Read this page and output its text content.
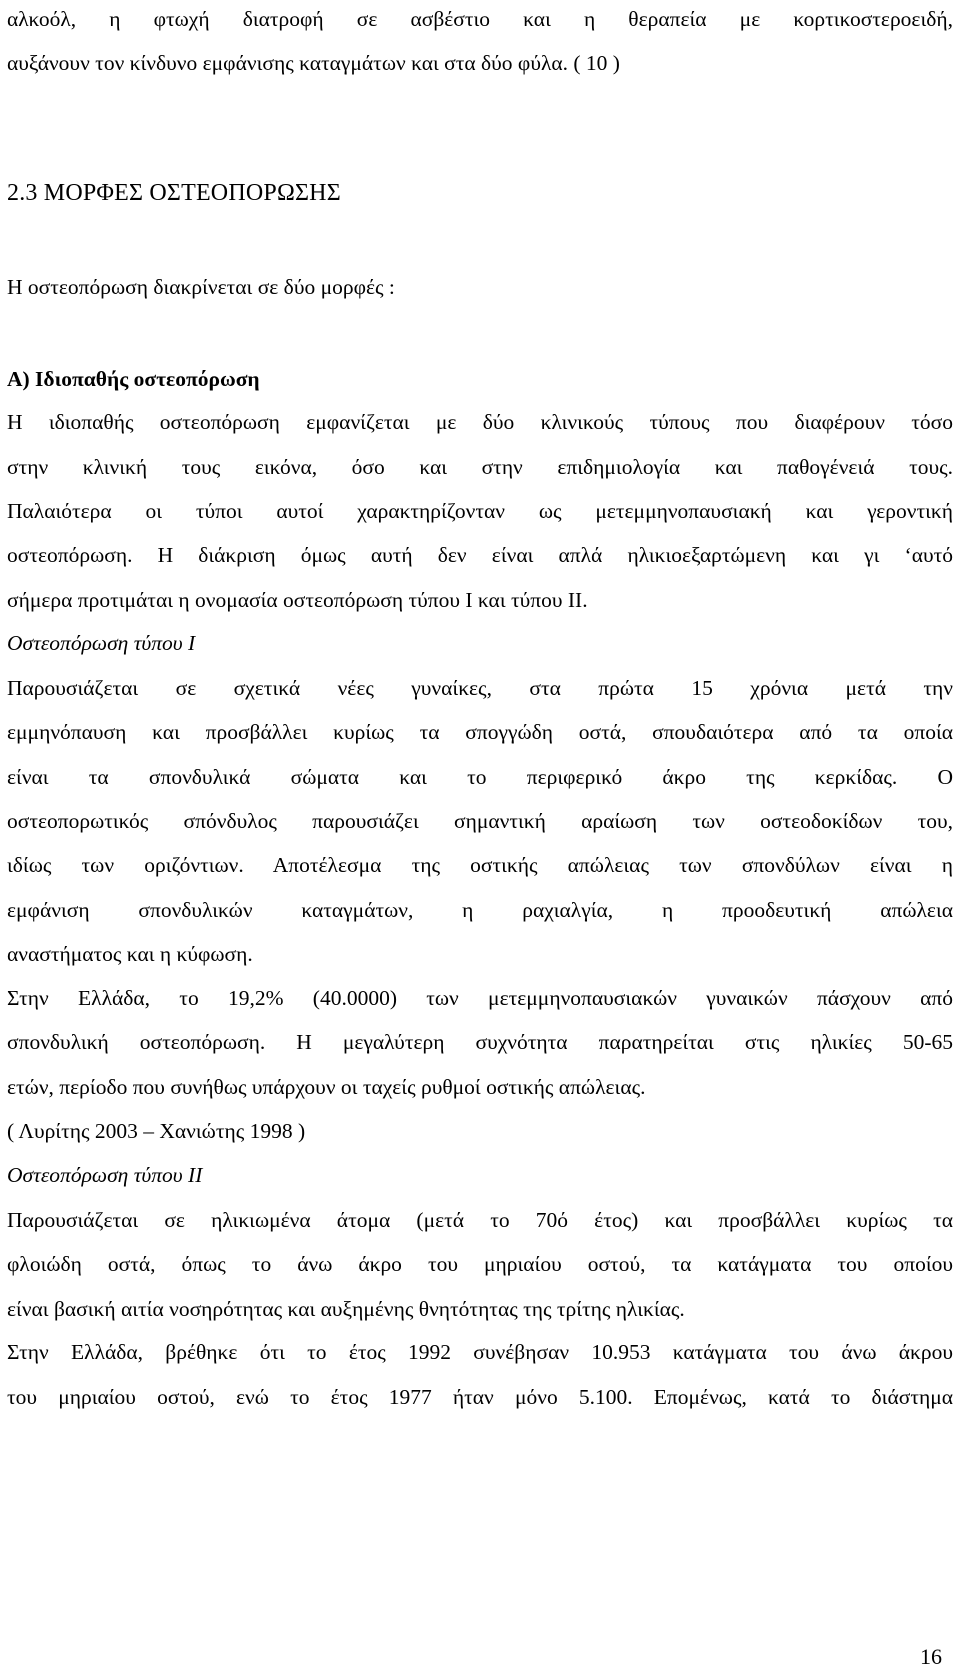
αλκοόλ, η φτωχή διατροφή σε ασβέστιο και η θεραπεία με κορτικοστεροειδή,
αυξάνουν τον κίνδυνο εμφάνισης καταγμάτων και στα δύο φύλα. ( 10 )
2.3 ΜΟΡΦΕΣ ΟΣΤΕΟΠΟΡΩΣΗΣ
Η οστεοπόρωση διακρίνεται σε δύο μορφές :
Α) Ιδιοπαθής οστεοπόρωση
Η ιδιοπαθής οστεοπόρωση εμφανίζεται με δύο κλινικούς τύπους που διαφέρουν τόσο
στην κλινική τους εικόνα, όσο και στην επιδημιολογία και παθογένειά τους.
Παλαιότερα οι τύποι αυτοί χαρακτηρίζονταν ως μετεμμηνοπαυσιακή και γεροντική
οστεοπόρωση. Η διάκριση όμως αυτή δεν είναι απλά ηλικιοεξαρτώμενη και γι ‘αυτό
σήμερα προτιμάται η ονομασία οστεοπόρωση τύπου Ι και τύπου ΙΙ.
Οστεοπόρωση τύπου Ι
Παρουσιάζεται σε σχετικά νέες γυναίκες, στα πρώτα 15 χρόνια μετά την
εμμηνόπαυση και προσβάλλει κυρίως τα σπογγώδη οστά, σπουδαιότερα από τα οποία
είναι τα σπονδυλικά σώματα και το περιφερικό άκρο της κερκίδας. Ο
οστεοπορωτικός σπόνδυλος παρουσιάζει σημαντική αραίωση των οστεοδοκίδων του,
ιδίως των οριζόντιων. Αποτέλεσμα της οστικής απώλειας των σπονδύλων είναι η
εμφάνιση σπονδυλικών καταγμάτων, η ραχιαλγία, η προοδευτική απώλεια
αναστήματος και η κύφωση.
Στην Ελλάδα, το 19,2% (40.0000) των μετεμμηνοπαυσιακών γυναικών πάσχουν από
σπονδυλική οστεοπόρωση. Η μεγαλύτερη συχνότητα παρατηρείται στις ηλικίες 50-65
ετών, περίοδο που συνήθως υπάρχουν οι ταχείς ρυθμοί οστικής απώλειας.
( Λυρίτης 2003 – Χανιώτης 1998 )
Οστεοπόρωση τύπου ΙΙ
Παρουσιάζεται σε ηλικιωμένα άτομα (μετά το 70ό έτος) και προσβάλλει κυρίως τα
φλοιώδη οστά, όπως το άνω άκρο του μηριαίου οστού, τα κατάγματα του οποίου
είναι βασική αιτία νοσηρότητας και αυξημένης θνητότητας της τρίτης ηλικίας.
Στην Ελλάδα, βρέθηκε ότι το έτος 1992 συνέβησαν 10.953 κατάγματα του άνω άκρου
του μηριαίου οστού, ενώ το έτος 1977 ήταν μόνο 5.100. Επομένως, κατά το διάστημα
16
